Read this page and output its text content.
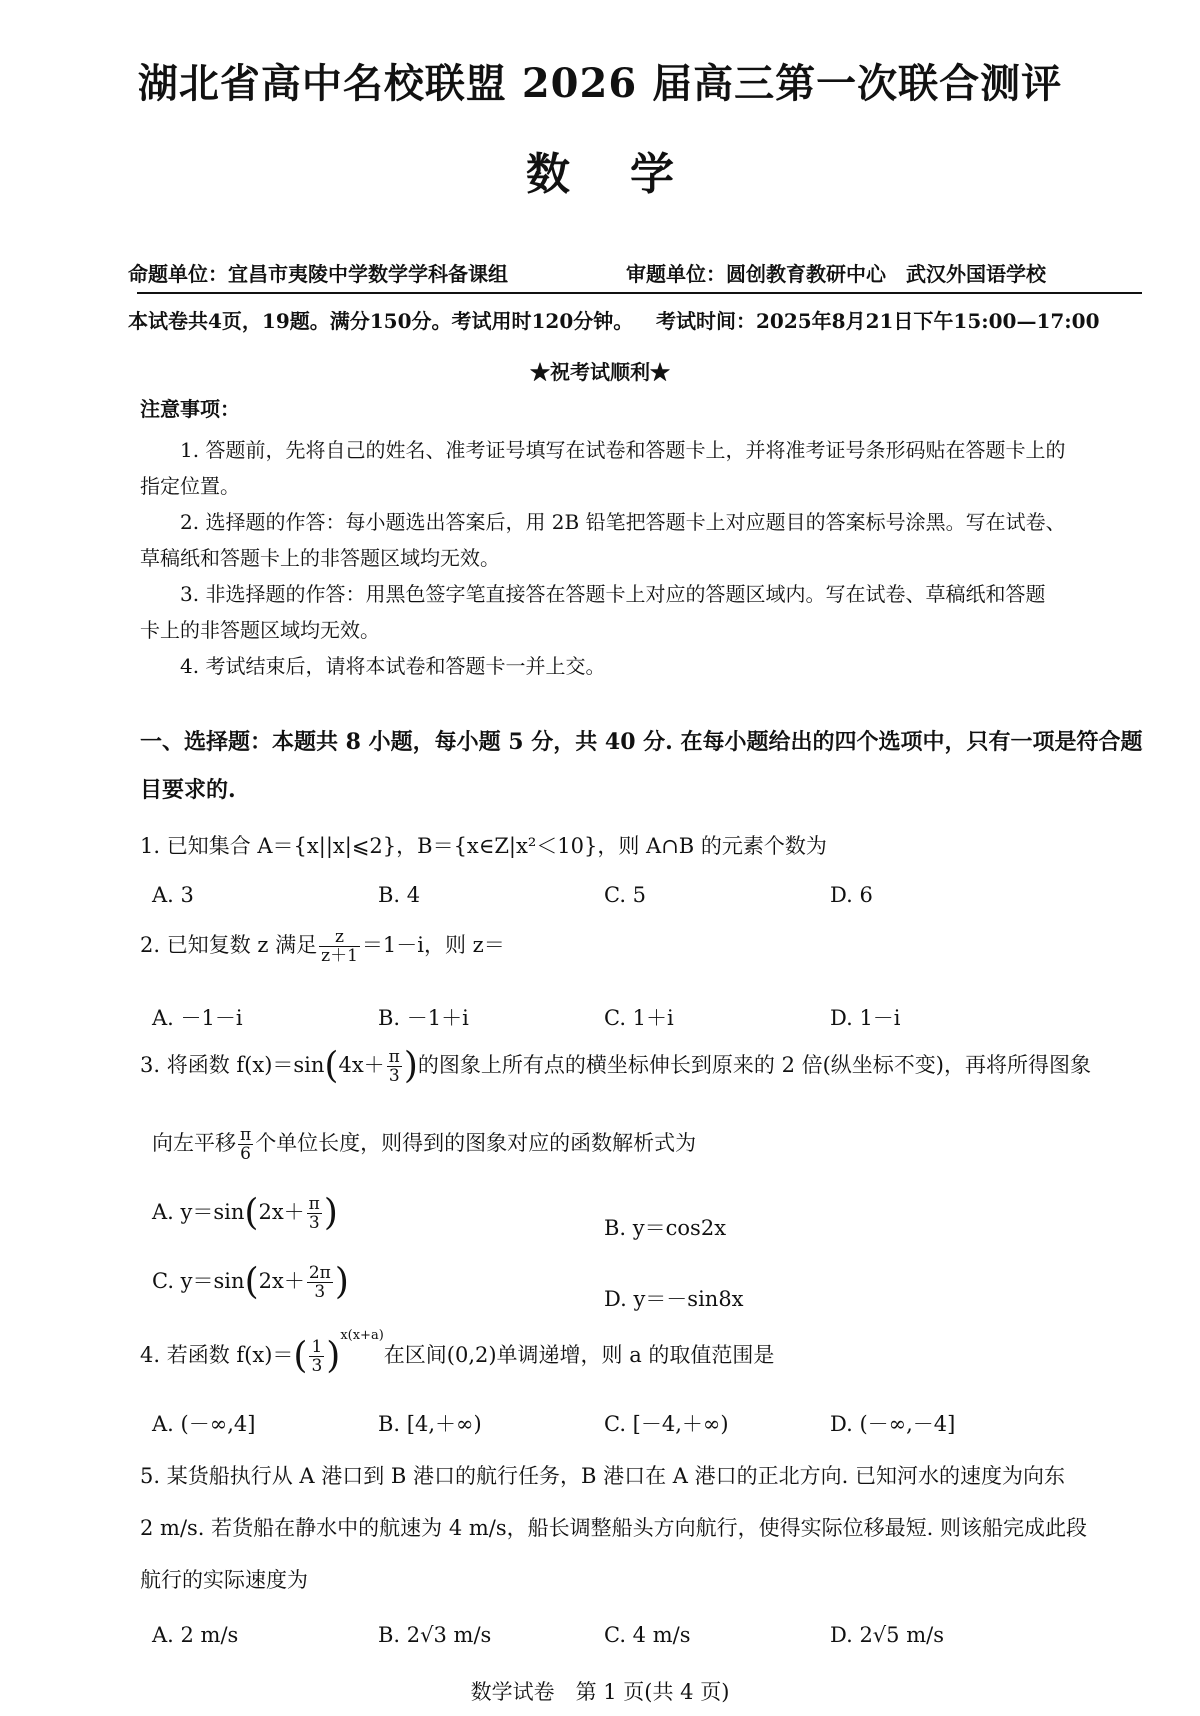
湖北省高中名校联盟 2026 届高三第一次联合测评
数学
命题单位：宜昌市夷陵中学数学学科备课组	审题单位：圆创教育教研中心　武汉外国语学校
本试卷共4页，19题。满分150分。考试用时120分钟。 考试时间：2025年8月21日下午15:00—17:00
★祝考试顺利★
注意事项：

1. 答题前，先将自己的姓名、准考证号填写在试卷和答题卡上，并将准考证号条形码贴在答题卡上的

指定位置。

2. 选择题的作答：每小题选出答案后，用 2B 铅笔把答题卡上对应题目的答案标号涂黑。写在试卷、

草稿纸和答题卡上的非答题区域均无效。

3. 非选择题的作答：用黑色签字笔直接答在答题卡上对应的答题区域内。写在试卷、草稿纸和答题

卡上的非答题区域均无效。

4. 考试结束后，请将本试卷和答题卡一并上交。

一、选择题：本题共 8 小题，每小题 5 分，共 40 分. 在每小题给出的四个选项中，只有一项是符合题目要求的.
1. 已知集合 A＝{x||x|⩽2}，B＝{x∈Z|x²＜10}，则 A∩B 的元素个数为
A. 3	B. 4	C. 5	D. 6
2. 已知复数 z 满足 $\frac{z}{z+1} =1-i$，则 z＝
A. －1－i	B. －1＋i	C. 1＋i	D. 1－i
3. 将函数 $f(x)=\sin(4x+ \frac{\pi}{3}$ )的图象上所有点的横坐标伸长到原来的 2 倍(纵坐标不变)，再将所得图象
向左平移 $\frac{\pi}{6}$ 个单位长度，则得到的图象对应的函数解析式为
A. $y=\sin(2x+ \frac{\pi}{3}$ )	B. y＝cos2x
C. $y=\sin(2x+ \frac{2\pi}{3}$ )	D. y＝－sin8x
4. 若函数 $f(x)=( \frac{1}{3} )^{x(x+a)}$在区间(0,2)单调递增，则 a 的取值范围是
A. (－∞,4]	B. [4,＋∞)	C. [－4,＋∞)	D. (－∞,－4]
5. 某货船执行从 A 港口到 B 港口的航行任务，B 港口在 A 港口的正北方向. 已知河水的速度为向东
2 m/s. 若货船在静水中的航速为 4 m/s，船长调整船头方向航行，使得实际位移最短. 则该船完成此段
航行的实际速度为
A. 2 m/s	B. 2√3 m/s	C. 4 m/s	D. 2√5 m/s
数学试卷　第 1 页(共 4 页)
